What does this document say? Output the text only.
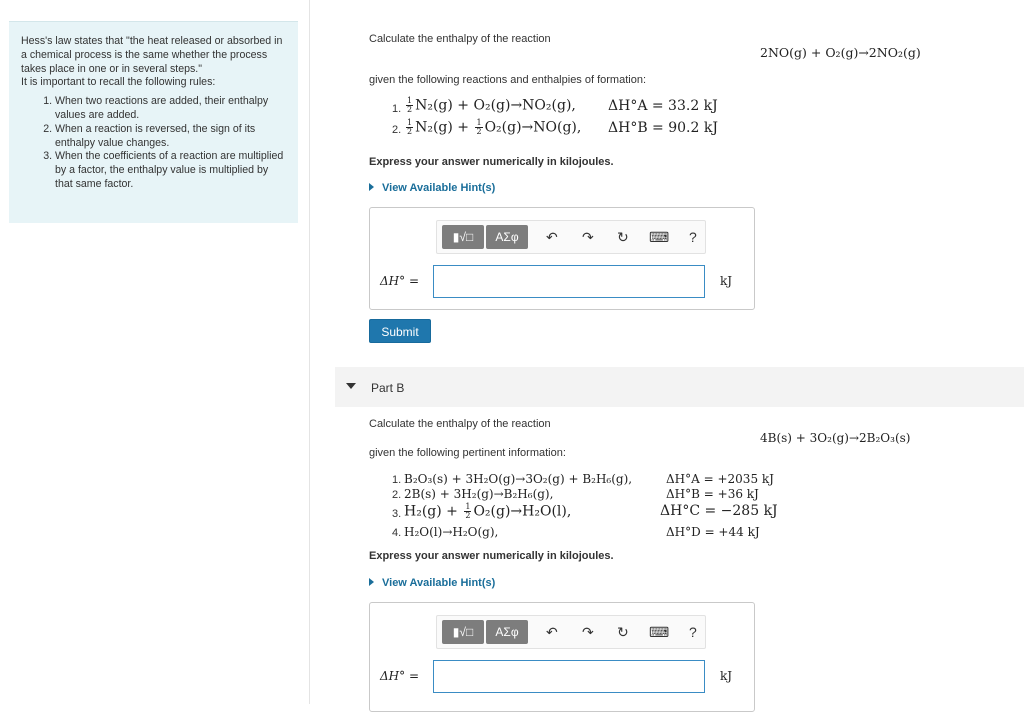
Hess's law states that "the heat released or absorbed in a chemical process is the same whether the process takes place in one or in several steps."

It is important to recall the following rules:

1. When two reactions are added, their enthalpy values are added.
2. When a reaction is reversed, the sign of its enthalpy value changes.
3. When the coefficients of a reaction are multiplied by a factor, the enthalpy value is multiplied by that same factor.
Calculate the enthalpy of the reaction
2NO(g) + O₂(g)→2NO₂(g)
given the following reactions and enthalpies of formation:
1. $\frac{1}{2} N_2(g) + O_2(g)\to NO_2(g)$, ΔH°A = 33.2 kJ
2. $\frac{1}{2} N_2(g) + \frac{1}{2} O_2(g)\to NO(g)$, ΔH°B = 90.2 kJ
Express your answer numerically in kilojoules.
View Available Hint(s)
▮√□	ΑΣφ	↶ ↷ ↻ ⌨ ?
ΔH° =	kJ
Submit
Part B
Calculate the enthalpy of the reaction
4B(s) + 3O₂(g)→2B₂O₃(s)
given the following pertinent information:
1. B₂O₃(s) + 3H₂O(g)→3O₂(g) + B₂H₆(g),	ΔH°A = +2035 kJ
2. 2B(s) + 3H₂(g)→B₂H₆(g),	ΔH°B = +36 kJ
3. $H_2(g) + \frac{1}{2} O_2(g)\to H_2O(l)$,	ΔH°C = −285 kJ
4. H₂O(l)→H₂O(g),	ΔH°D = +44 kJ
Express your answer numerically in kilojoules.
View Available Hint(s)
▮√□	ΑΣφ	↶ ↷ ↻ ⌨ ?
ΔH° =	kJ
